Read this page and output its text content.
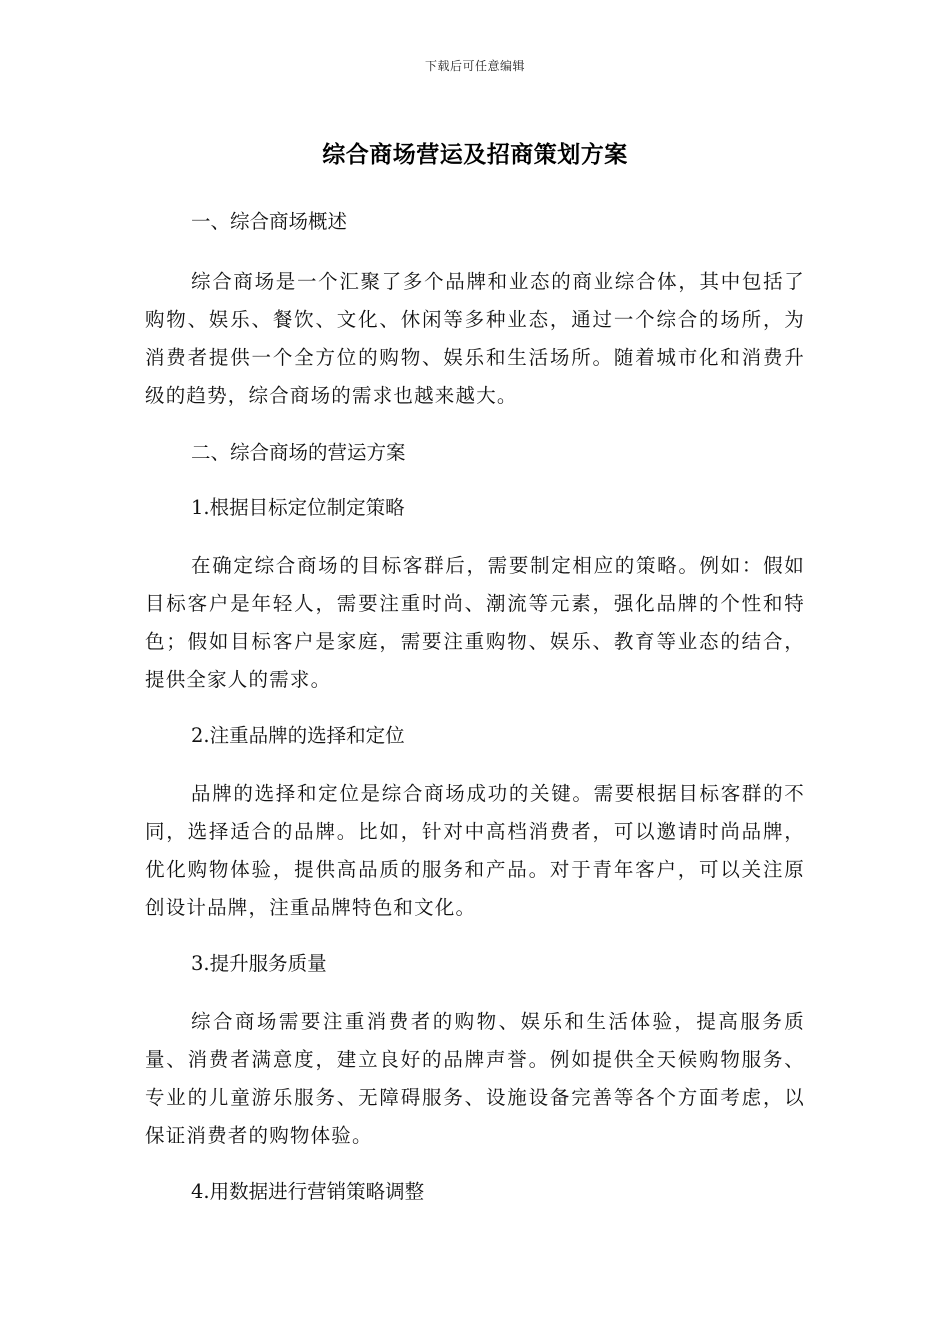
下载后可任意编辑
综合商场营运及招商策划方案

一、综合商场概述

综合商场是一个汇聚了多个品牌和业态的商业综合体，其中包括了购物、娱乐、餐饮、文化、休闲等多种业态，通过一个综合的场所，为消费者提供一个全方位的购物、娱乐和生活场所。随着城市化和消费升级的趋势，综合商场的需求也越来越大。

二、综合商场的营运方案

1.根据目标定位制定策略

在确定综合商场的目标客群后，需要制定相应的策略。例如：假如目标客户是年轻人，需要注重时尚、潮流等元素，强化品牌的个性和特色；假如目标客户是家庭，需要注重购物、娱乐、教育等业态的结合，提供全家人的需求。

2.注重品牌的选择和定位

品牌的选择和定位是综合商场成功的关键。需要根据目标客群的不同，选择适合的品牌。比如，针对中高档消费者，可以邀请时尚品牌，优化购物体验，提供高品质的服务和产品。对于青年客户，可以关注原创设计品牌，注重品牌特色和文化。

3.提升服务质量

综合商场需要注重消费者的购物、娱乐和生活体验，提高服务质量、消费者满意度，建立良好的品牌声誉。例如提供全天候购物服务、专业的儿童游乐服务、无障碍服务、设施设备完善等各个方面考虑，以保证消费者的购物体验。

4.用数据进行营销策略调整
